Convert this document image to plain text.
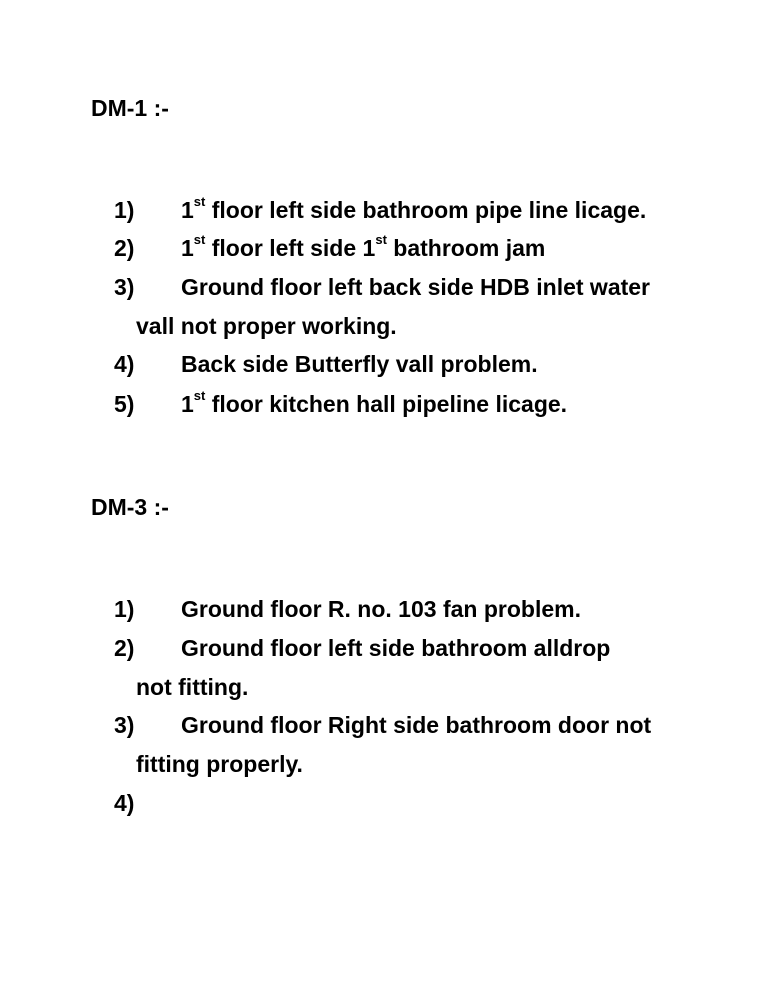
DM-1 :-
1) 1st floor left side bathroom pipe line licage.
2) 1st floor left side 1st bathroom jam
3) Ground floor left back side HDB inlet water
vall not proper working.
4) Back side Butterfly vall problem.
5) 1st floor kitchen hall pipeline licage.
DM-3 :-
1) Ground floor R. no. 103 fan problem.
2) Ground floor left side bathroom alldrop
not fitting.
3) Ground floor Right side bathroom door not
fitting properly.
4)
